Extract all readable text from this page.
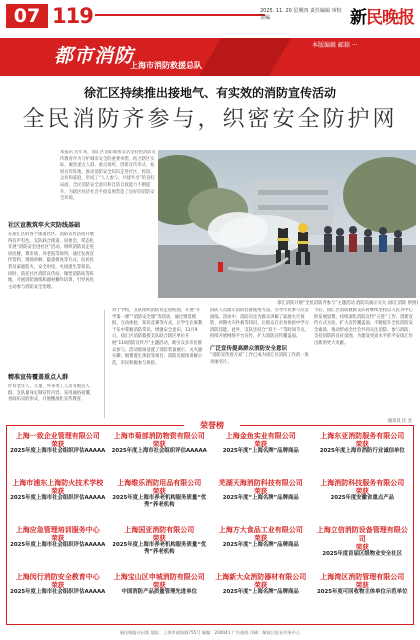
07 119	2025. 11. 20 星期四 责任编辑 审校 美编	新民晚报
都市消防
上海市消防救援总队
本版编辑 邮箱 ···
徐汇区持续推出接地气、有实效的消防宣传活动
全民消防齐参与，织密安全防护网
本报讯 近年来，徐汇区消防救援支队坚持把消防宣传教育作为守护城市安全的重要举措，结合辖区实际，聚焦重点人群、重点场所，创新宣传形式、拓展宣传阵地，推动消防安全知识走进社区、校园、企业和家庭，形成了“人人参与、共建共享”的良好局面，全民消防安全意识和自防自救能力不断提升，为辖区经济社会平稳发展营造了良好的消防安全环境。
徐汇消防开展“全民消防齐参与”主题活动 消防员演示灭火 (徐汇消防 供图)
社区宣教筑牢火灾防线基础
在徐汇区的各个街道社区，消防宣传活动开展得有声有色。支队联合街道、居委会，常态化开展“消防安全进社区”活动，组织消防员走进居民楼、菜市场、养老院等场所，通过发放宣传资料、现场讲解、隐患排查等方式，向居民普及家庭防火、安全用电、火场逃生等知识。同时，依托社区消防宣传站、微型消防站等阵地，开展消防演练和器材操作培训，引导居民主动参与消防安全治理。
精准宣传覆盖重点人群
针对老年人、儿童、外来务工人员等重点人群，支队量身定制宣传内容，采用通俗易懂、喜闻乐见的形式，开展精准化宣传教育。
对于学校，支队组织消防员走进校园，开展“开学第一课”“消防安全课”等活动，通过情景模拟、互动体验、知识竞赛等方式，让学生在寓教于乐中掌握消防常识，增强安全意识。11月9日，徐汇区消防救援支队联合辖区单位开展“119消防宣传月”主题活动，吸引众多市民群众参与。活动现场设置了消防装备展示、灭火器实操、烟雾逃生体验等项目，消防员现场讲解示范，市民积极参与体验。
消防人员演示消防装备使用方法，引导市民参与应急演练。活动中，消防员还为群众讲解了家庭火灾预防、初期火灾扑救等知识，让群众在亲身体验中学习消防技能。此外，支队还结合“双十一”等时间节点，持续开展网络平台宣传，扩大消防宣传覆盖面。
广泛宣传提高群众消防安全意识
“消防宣传进万家”工作已成为徐汇区消防工作的一张亮丽名片。
今后，徐汇区消防救援支队将继续坚持以人民为中心的发展思想，持续深化消防宣传“五进”工作，创新宣传方式方法，扩大宣传覆盖面，不断提升全民消防安全素质，推动形成全社会共同关注消防、参与消防、支持消防的良好氛围，为建设更高水平的平安徐汇作出新的更大贡献。
通讯员 汪 杰
荣誉榜
上海一致企业管理有限公司
荣获
2025年度上海市社会组织评估AAAAA
上海市菊部消防物资有限公司
荣获
2025年度上海市社会组织评估AAAAA
上海金鱼实业有限公司
荣获
2025年度“上海名牌”品牌商品
上海东亚消防服务有限公司
荣获
2025年度上海市消防行业诚信单位
上海市浦东上海防火技术学校
荣获
2025年度上海市社会组织评估AAAAA
上海维乐消防用品有限公司
荣获
2025年度上海市养老机构服务质量“优秀”养老机构
芜湖天海消防科技有限公司
荣获
2025年度“上海名牌”品牌商品
上海消防科技服务有限公司
荣获
2025年度安徽省重点产品
上海应急管理培训服务中心
荣获
2025年度上海市社会组织评估AAAAA
上海国亚消防有限公司
荣获
2025年度上海市养老机构服务质量“优秀”养老机构
上海方大食品工业有限公司
荣获
2025年度“上海名牌”品牌商品
上海立信消防设备管理有限公司
荣获
2025年度首届区级物业安全社区
上海闵行消防安全教育中心
荣获
2025年度上海市社会组织评估AAAAA
上海宝山区申城消防有限公司
荣获
中国消防产品质量管理先进单位
上海新大众消防器材有限公司
荣获
2025年度“上海名牌”品牌商品
上海湾区消防管理有限公司
荣获
2025年度可回收物主体单位示范单位
新民晚报社出版 地址：上海市威海路755号 邮编：200041 广告热线 印刷：解放日报社印务中心
